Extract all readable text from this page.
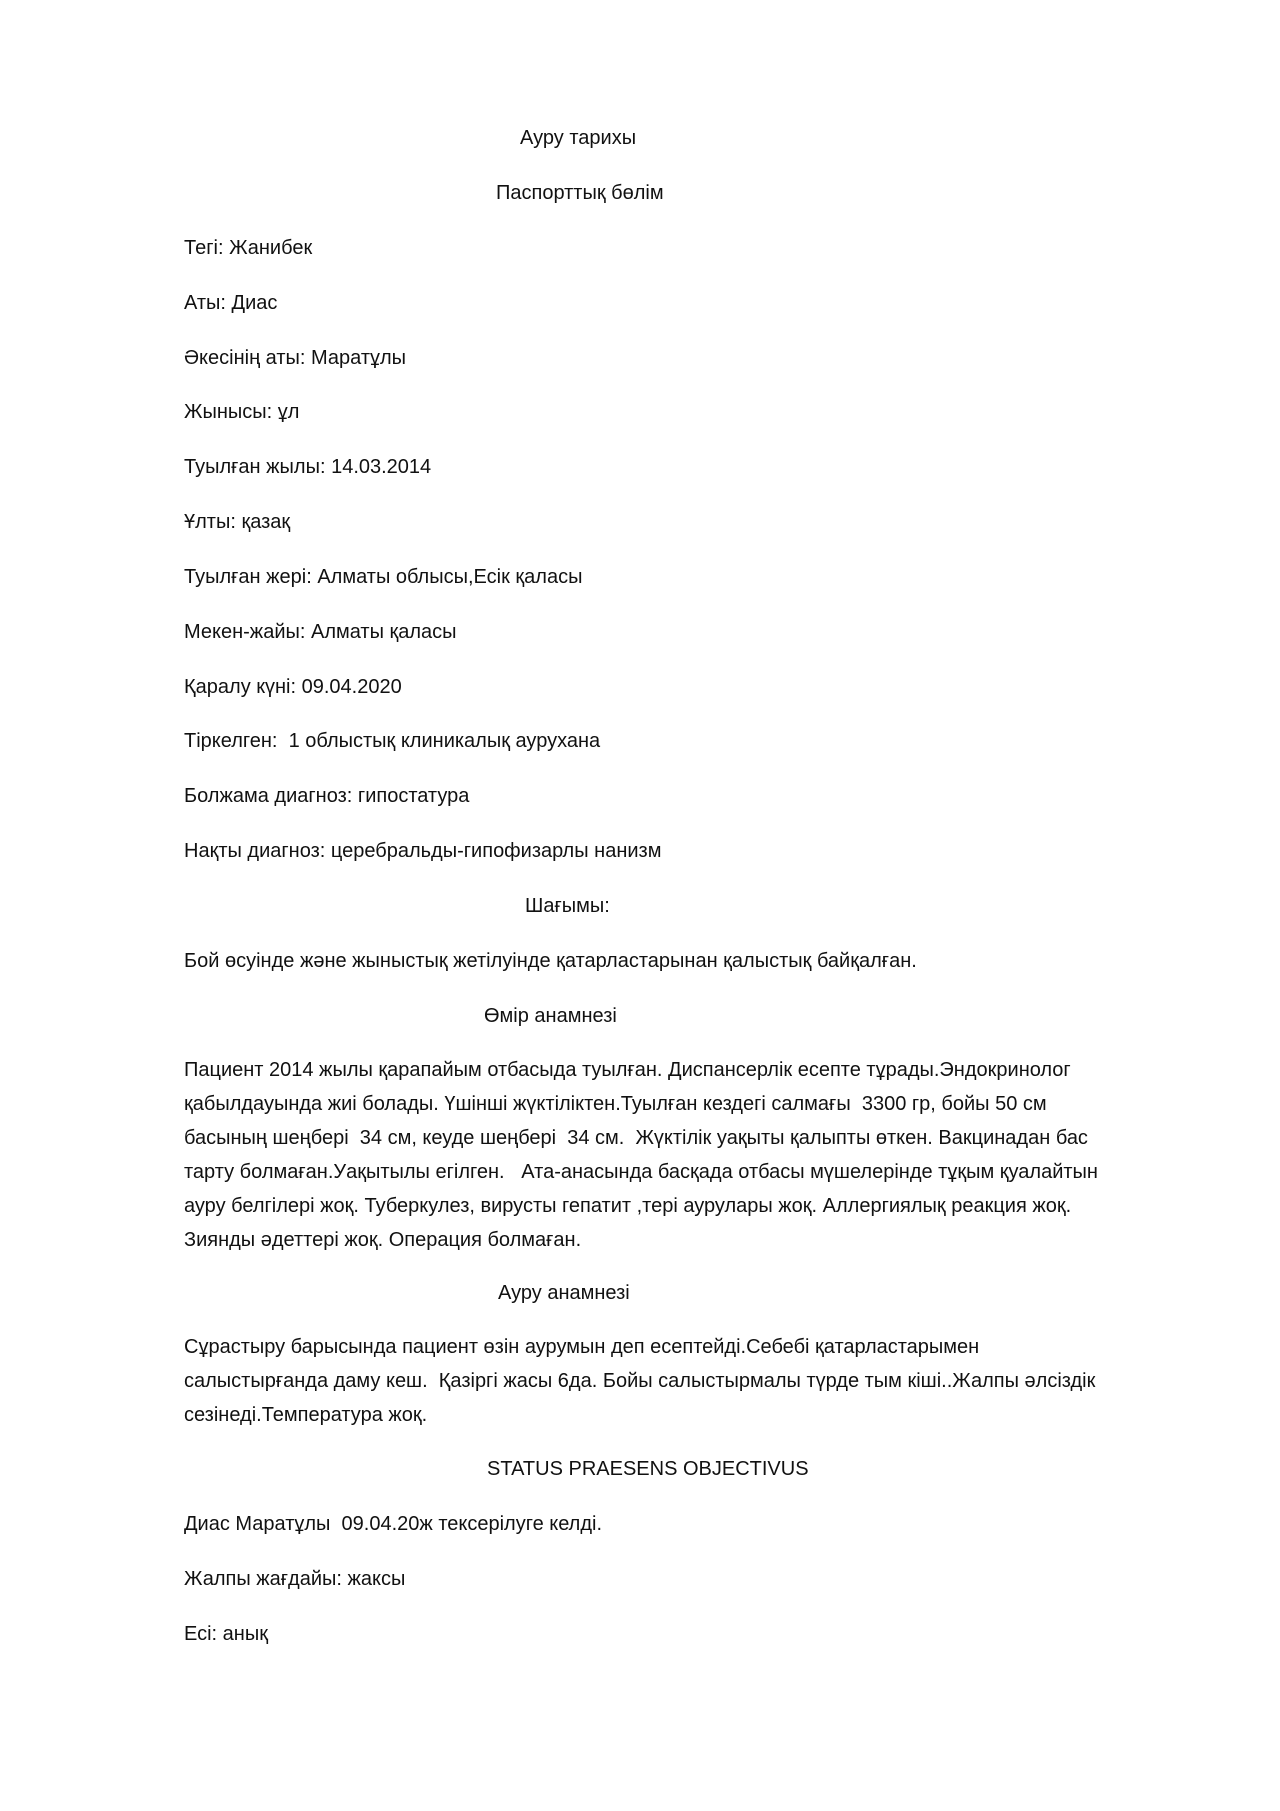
Ауру тарихы
Паспорттық бөлім
Тегі: Жанибек
Аты: Диас
Әкесінің аты: Маратұлы
Жынысы: ұл
Туылған жылы: 14.03.2014
Ұлты: қазақ
Туылған жері: Алматы облысы,Есік қаласы
Мекен-жайы: Алматы қаласы
Қаралу күні: 09.04.2020
Тіркелген:  1 облыстық клиникалық аурухана
Болжама диагноз: гипостатура
Нақты диагноз: церебральды-гипофизарлы нанизм
Шағымы:
Бой өсуінде және жыныстық жетілуінде қатарластарынан қалыстық байқалған.
Өмір анамнезі
Пациент 2014 жылы қарапайым отбасыда туылған. Диспансерлік есепте тұрады.Эндокринолог
қабылдауында жиі болады. Үшінші жүктіліктен.Туылған кездегі салмағы  3300 гр, бойы 50 см
басының шеңбері  34 см, кеуде шеңбері  34 см.  Жүктілік уақыты қалыпты өткен. Вакцинадан бас
тарту болмаған.Уақытылы егілген.   Ата-анасында басқада отбасы мүшелерінде тұқым қуалайтын
ауру белгілері жоқ. Туберкулез, вирусты гепатит ,тері аурулары жоқ. Аллергиялық реакция жоқ.
Зиянды әдеттері жоқ. Операция болмаған.
Ауру анамнезі
Сұрастыру барысында пациент өзін аурумын деп есептейді.Себебі қатарластарымен
салыстырғанда даму кеш.  Қазіргі жасы 6да. Бойы салыстырмалы түрде тым кіші..Жалпы әлсіздік
сезінеді.Температура жоқ.
STATUS PRAESENS OBJECTIVUS
Диас Маратұлы  09.04.20ж тексерілуге келді.
Жалпы жағдайы: жаксы
Есі: анық
